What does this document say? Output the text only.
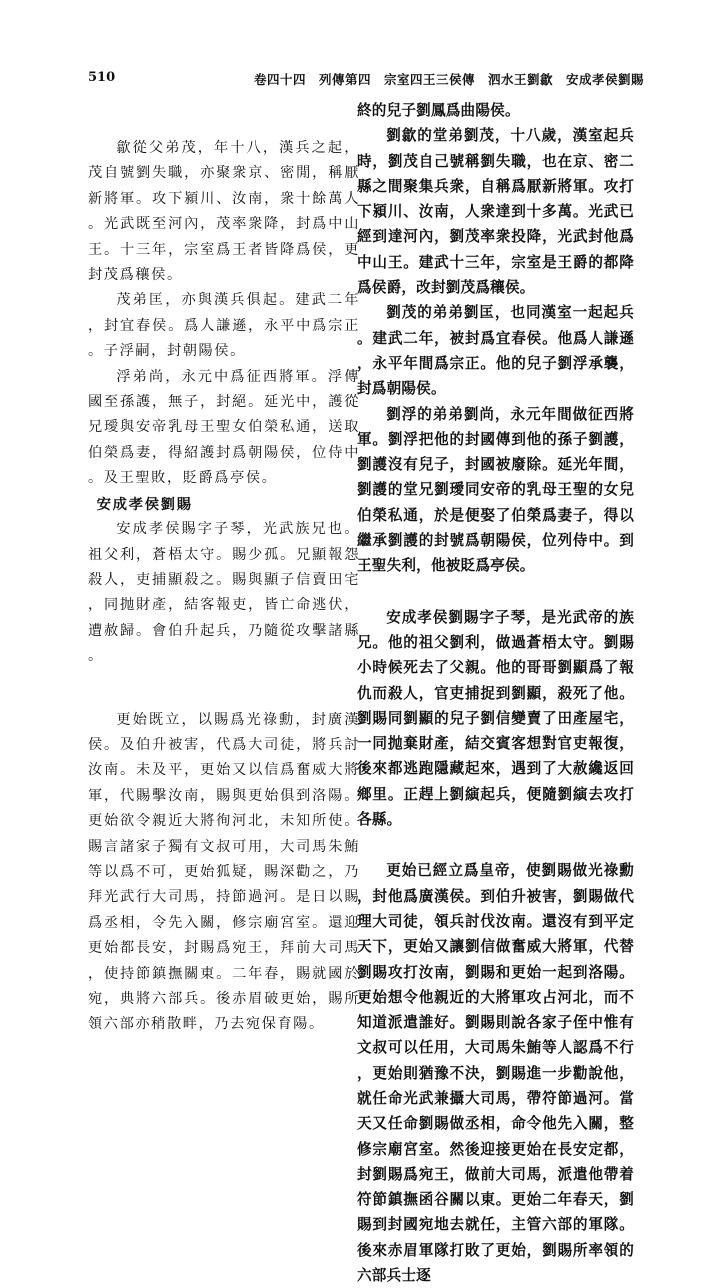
510	卷四十四　列傳第四　宗室四王三侯傳　泗水王劉歙　安成孝侯劉賜

歙從父弟茂，年十八，漢兵之起，茂自號劉失職，亦聚衆京、密閒，稱厭新將軍。攻下潁川、汝南，衆十餘萬人。光武既至河內，茂率衆降，封爲中山王。十三年，宗室爲王者皆降爲侯，更封茂爲穰侯。

茂弟匡，亦與漢兵俱起。建武二年，封宜春侯。爲人謙遜，永平中爲宗正。子浮嗣，封朝陽侯。

浮弟尚，永元中爲征西將軍。浮傳國至孫護，無子，封絕。延光中，護從兄璦與安帝乳母王聖女伯榮私通，送取伯榮爲妻，得紹護封爲朝陽侯，位侍中。及王聖敗，貶爵爲亭侯。

安成孝侯劉賜

安成孝侯賜字子琴，光武族兄也。祖父利，蒼梧太守。賜少孤。兄顯報怨殺人，吏捕顯殺之。賜與顯子信賣田宅，同抛財產，結客報吏，皆亡命逃伏，遭赦歸。會伯升起兵，乃隨從攻擊諸縣。

更始既立，以賜爲光祿勳，封廣漢侯。及伯升被害，代爲大司徒，將兵討汝南。未及平，更始又以信爲奮威大將軍，代賜擊汝南，賜與更始俱到洛陽。更始欲令親近大將徇河北，未知所使。賜言諸家子獨有文叔可用，大司馬朱鮪等以爲不可，更始狐疑，賜深勸之，乃拜光武行大司馬，持節過河。是日以賜爲丞相，令先入關，修宗廟宮室。還迎更始都長安，封賜爲宛王，拜前大司馬，使持節鎮撫關東。二年春，賜就國於宛，典將六部兵。後赤眉破更始，賜所領六部亦稍散畔，乃去宛保育陽。

終的兒子劉鳳爲曲陽侯。

劉歙的堂弟劉茂，十八歲，漢室起兵時，劉茂自己號稱劉失職，也在京、密二縣之間聚集兵衆，自稱爲厭新將軍。攻打下潁川、汝南，人衆達到十多萬。光武已經到達河內，劉茂率衆投降，光武封他爲中山王。建武十三年，宗室是王爵的都降爲侯爵，改封劉茂爲穰侯。

劉茂的弟弟劉匡，也同漢室一起起兵。建武二年，被封爲宜春侯。他爲人謙遜，永平年間爲宗正。他的兒子劉浮承襲，封爲朝陽侯。

劉浮的弟弟劉尚，永元年間做征西將軍。劉浮把他的封國傳到他的孫子劉護，劉護沒有兒子，封國被廢除。延光年間，劉護的堂兄劉璦同安帝的乳母王聖的女兒伯榮私通，於是便娶了伯榮爲妻子，得以繼承劉護的封號爲朝陽侯，位列侍中。到王聖失利，他被貶爲亭侯。

安成孝侯劉賜字子琴，是光武帝的族兄。他的祖父劉利，做過蒼梧太守。劉賜小時候死去了父親。他的哥哥劉顯爲了報仇而殺人，官吏捕捉到劉顯，殺死了他。劉賜同劉顯的兒子劉信變賣了田產屋宅，一同抛棄財產，結交賓客想對官吏報復，後來都逃跑隱藏起來，遇到了大赦纔返回鄉里。正趕上劉縯起兵，便隨劉縯去攻打各縣。

更始已經立爲皇帝，使劉賜做光祿勳，封他爲廣漢侯。到伯升被害，劉賜做代理大司徒，領兵討伐汝南。還沒有到平定天下，更始又讓劉信做奮威大將軍，代替劉賜攻打汝南，劉賜和更始一起到洛陽。更始想令他親近的大將軍攻占河北，而不知道派遣誰好。劉賜則說各家子侄中惟有文叔可以任用，大司馬朱鮪等人認爲不行，更始則猶豫不決，劉賜進一步勸說他，就任命光武兼攝大司馬，帶符節過河。當天又任命劉賜做丞相，命令他先入關，整修宗廟宮室。然後迎接更始在長安定都，封劉賜爲宛王，做前大司馬，派遣他帶着符節鎮撫函谷關以東。更始二年春天，劉賜到封國宛地去就任，主管六部的軍隊。後來赤眉軍隊打敗了更始，劉賜所率領的六部兵士逐
